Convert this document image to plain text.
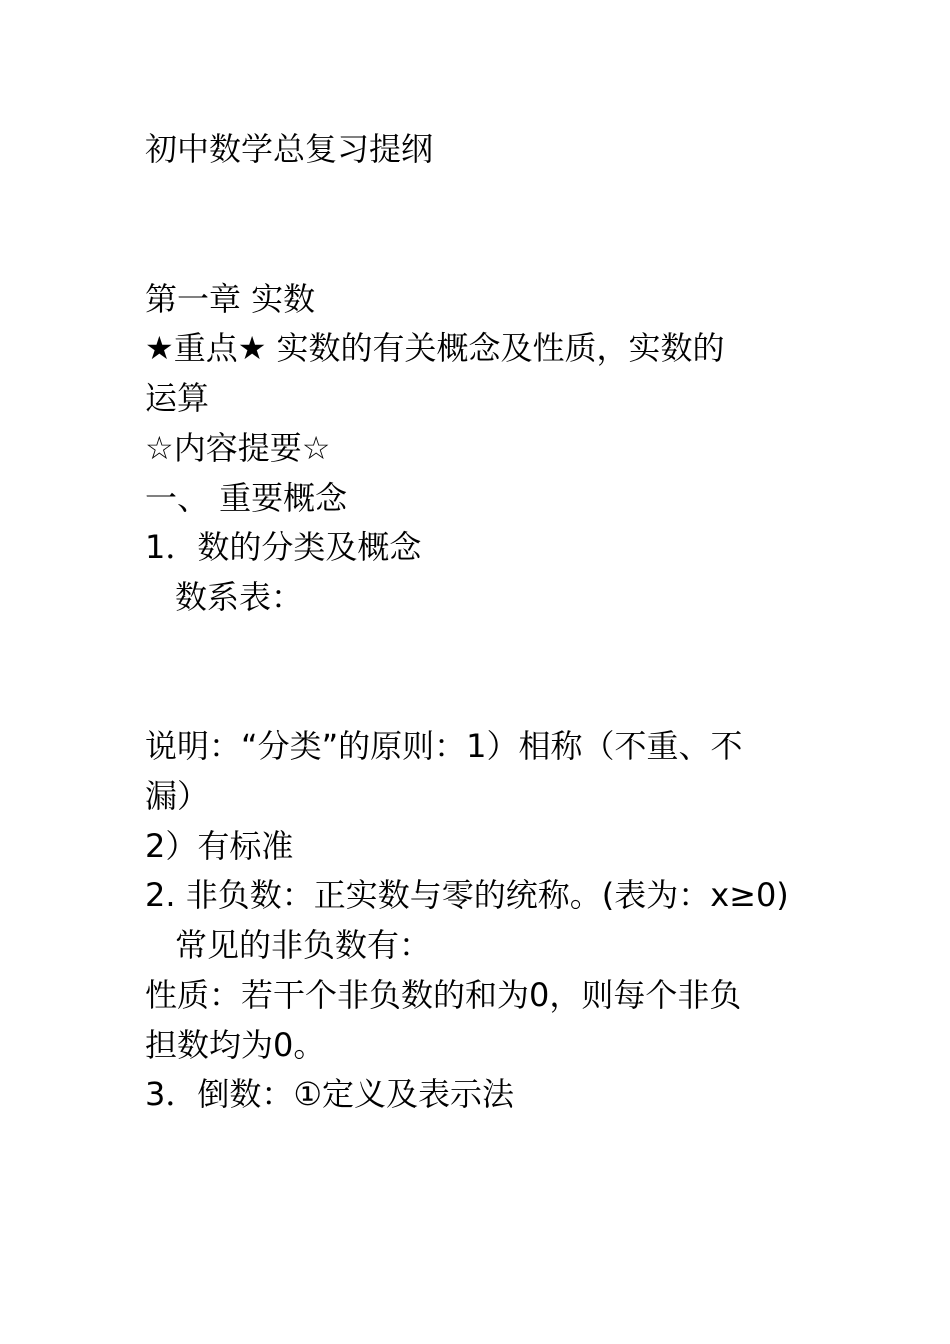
初中数学总复习提纲
第一章 实数
★重点★ 实数的有关概念及性质，实数的
运算
☆内容提要☆
一、 重要概念
1．数的分类及概念
数系表：
说明：“分类”的原则：1）相称（不重、不
漏）
2）有标准
2. 非负数：正实数与零的统称。(表为：x≥0)
常见的非负数有：
性质：若干个非负数的和为0，则每个非负
担数均为0。
3．倒数：①定义及表示法
